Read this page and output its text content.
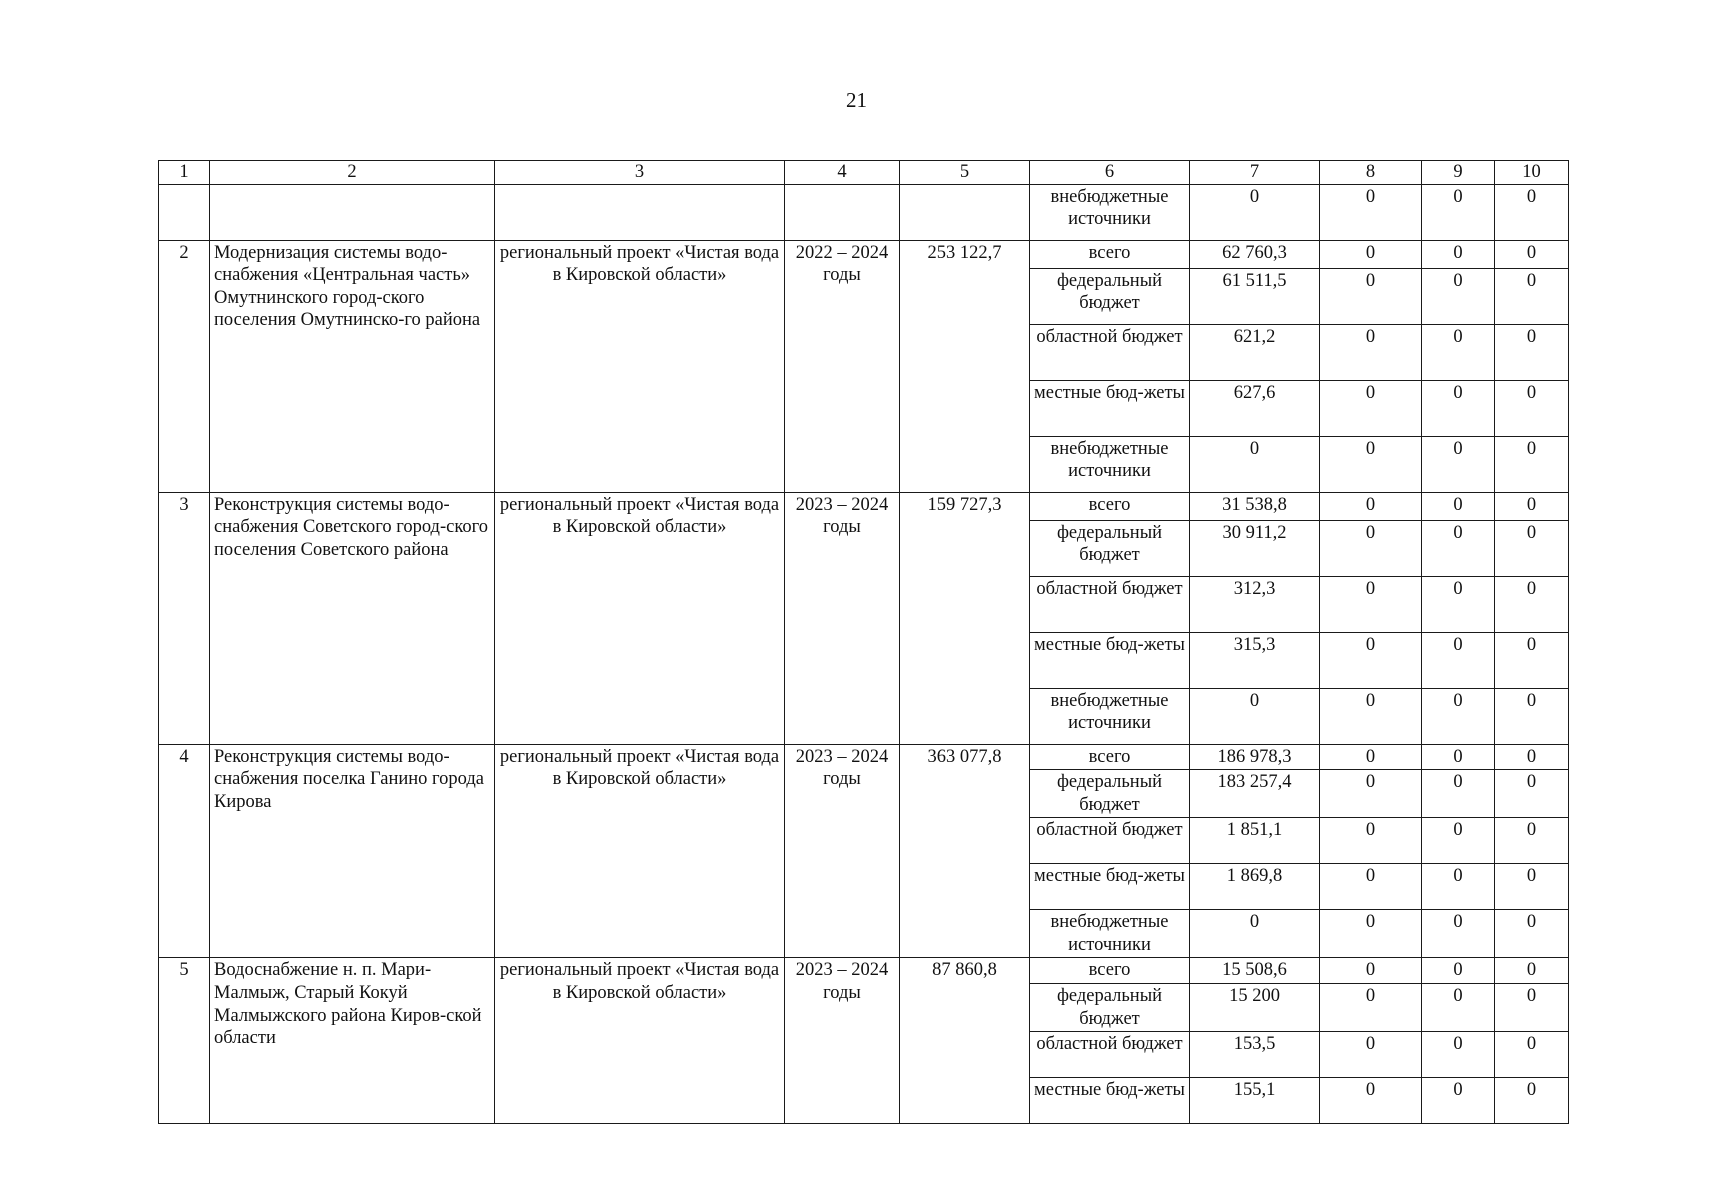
21
1	2	3	4	5	6	7	8	9	10
					внебюджетные источники	0	0	0	0
2	Модернизация системы водо-снабжения «Центральная часть» Омутнинского город-ского поселения Омутнинско-го района	региональный проект «Чистая вода в Кировской области»	2022 – 2024 годы	253 122,7	всего	62 760,3	0	0	0
					федеральный бюджет	61 511,5	0	0	0
					областной бюджет	621,2	0	0	0
					местные бюд-жеты	627,6	0	0	0
					внебюджетные источники	0	0	0	0
3	Реконструкция системы водо-снабжения Советского город-ского поселения Советского района	региональный проект «Чистая вода в Кировской области»	2023 – 2024 годы	159 727,3	всего	31 538,8	0	0	0
					федеральный бюджет	30 911,2	0	0	0
					областной бюджет	312,3	0	0	0
					местные бюд-жеты	315,3	0	0	0
					внебюджетные источники	0	0	0	0
4	Реконструкция системы водо-снабжения поселка Ганино города Кирова	региональный проект «Чистая вода в Кировской области»	2023 – 2024 годы	363 077,8	всего	186 978,3	0	0	0
					федеральный бюджет	183 257,4	0	0	0
					областной бюджет	1 851,1	0	0	0
					местные бюд-жеты	1 869,8	0	0	0
					внебюджетные источники	0	0	0	0
5	Водоснабжение н. п. Мари-Малмыж, Старый Кокуй Малмыжского района Киров-ской области	региональный проект «Чистая вода в Кировской области»	2023 – 2024 годы	87 860,8	всего	15 508,6	0	0	0
					федеральный бюджет	15 200	0	0	0
					областной бюджет	153,5	0	0	0
					местные бюд-жеты	155,1	0	0	0
